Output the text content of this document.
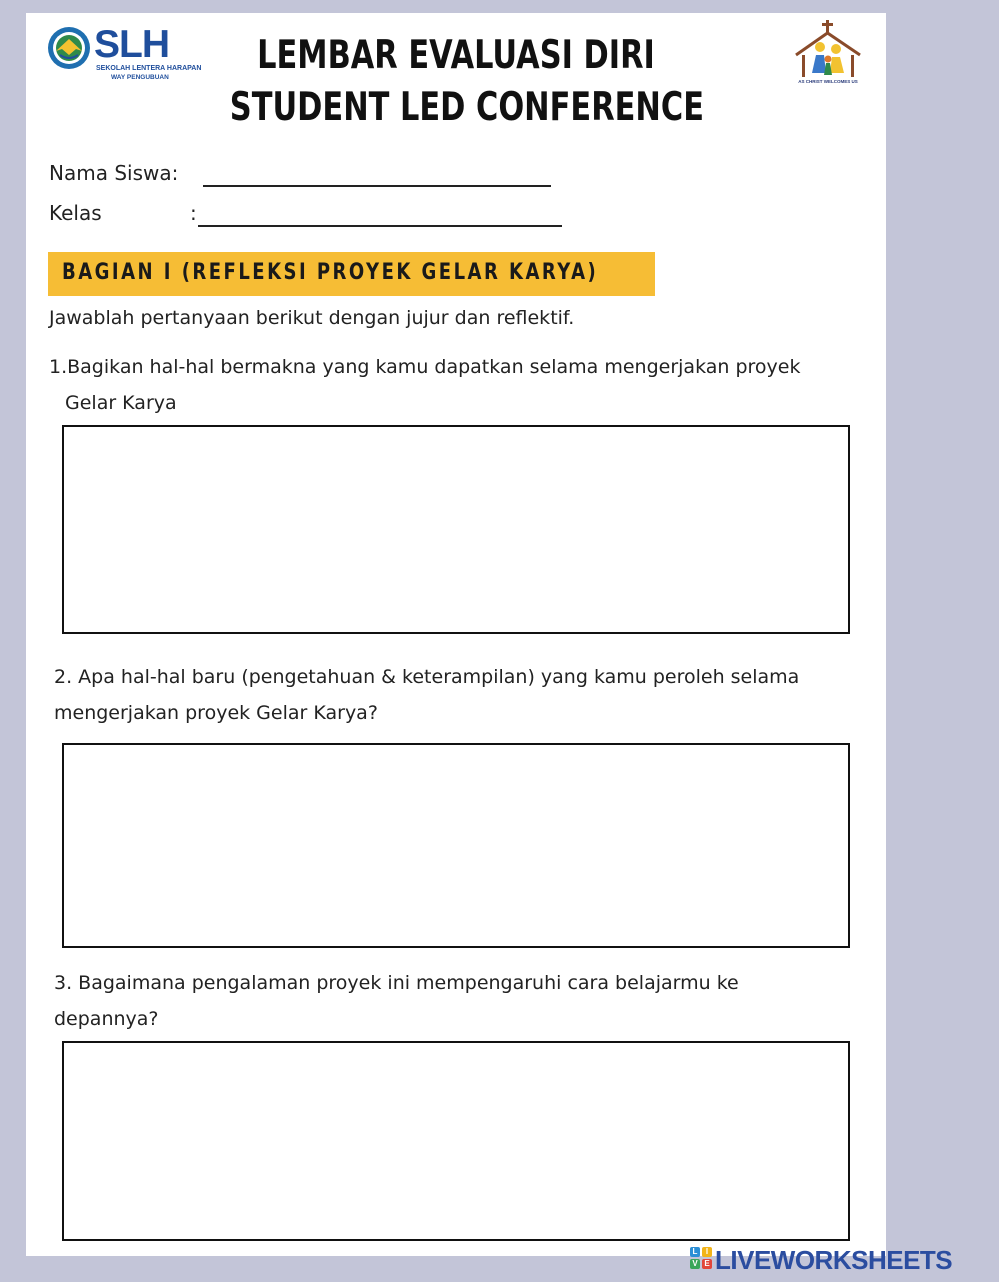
SLH
SEKOLAH LENTERA HARAPAN
WAY PENGUBUAN
AS CHRIST WELCOMES US
LEMBAR EVALUASI DIRI
STUDENT LED CONFERENCE
Nama Siswa:
Kelas	:
BAGIAN I (REFLEKSI PROYEK GELAR KARYA)
Jawablah pertanyaan berikut dengan jujur dan reflektif.
1.Bagikan hal-hal bermakna yang kamu dapatkan selama mengerjakan proyek
Gelar Karya
2. Apa hal-hal baru (pengetahuan & keterampilan) yang kamu peroleh selama
mengerjakan proyek Gelar Karya?
3. Bagaimana pengalaman proyek ini mempengaruhi cara belajarmu ke
depannya?
L	I
V E LIVEWORKSHEETS
